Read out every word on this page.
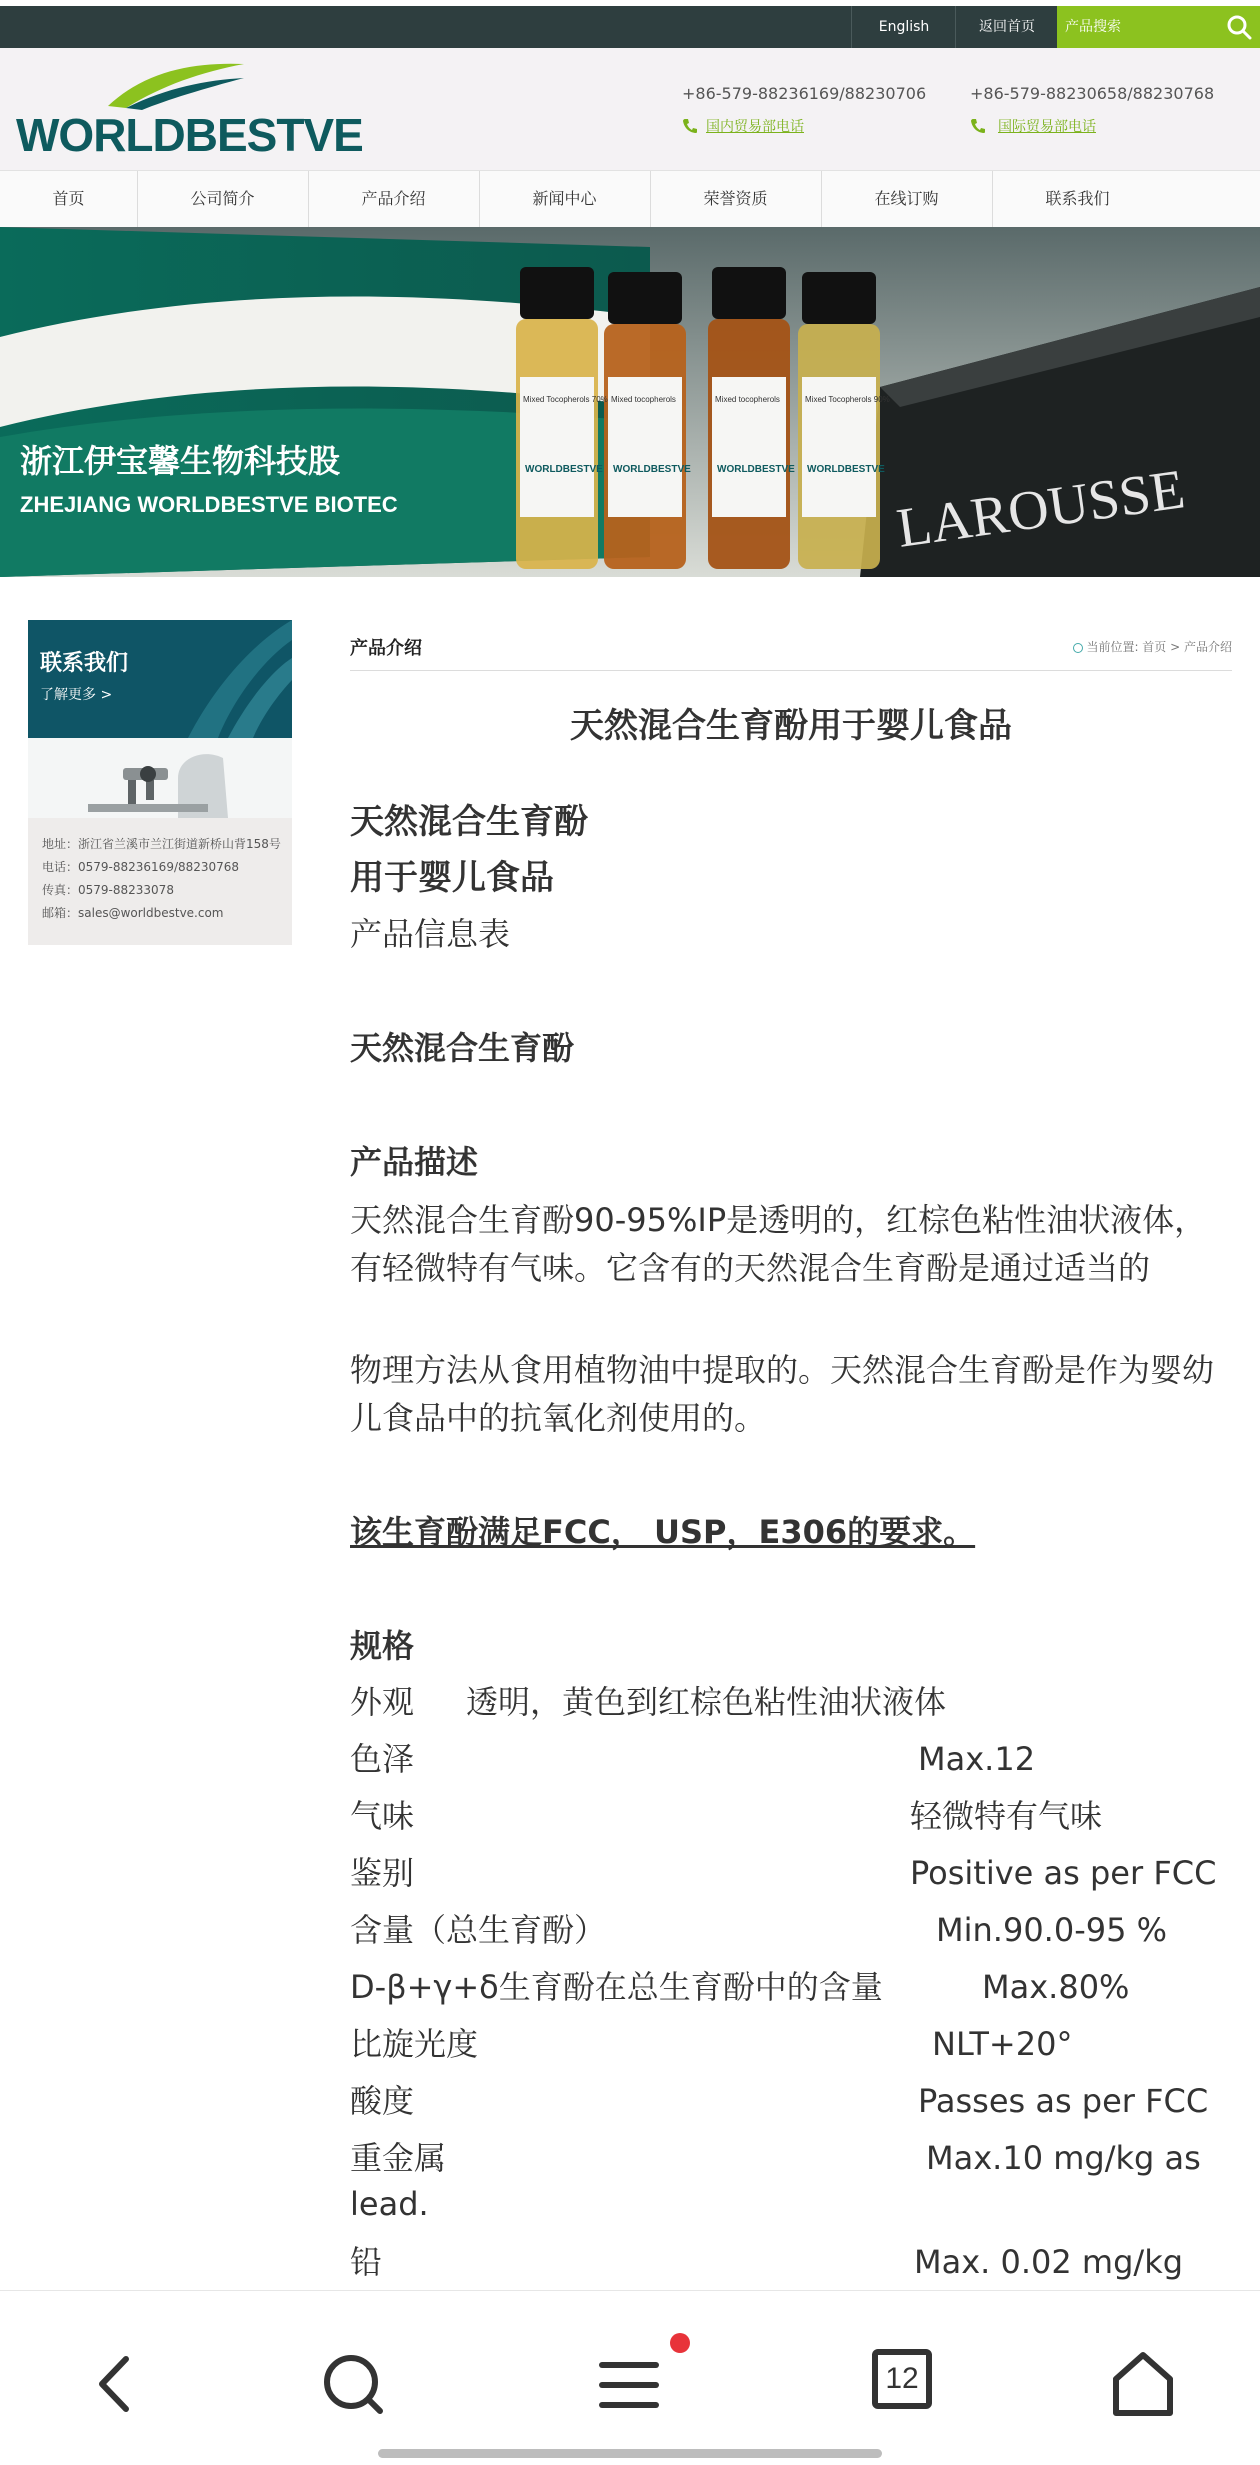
English	返回首页	产品搜索
WORLDBESTVE
+86-579-88236169/88230706
国内贸易部电话
+86-579-88230658/88230768
国际贸易部电话
首页	公司简介	产品介绍	新闻中心	荣誉资质	在线订购	联系我们
浙江伊宝馨生物科技股
ZHEJIANG WORLDBESTVE BIOTEC	LAROUSSE
Mixed Tocopherols 70% Mixed tocopherols	Mixed tocopherols	Mixed Tocopherols 90%
WORLDBESTVE WORLDBESTVE	WORLDBESTVE WORLDBESTVE
联系我们
了解更多 >
地址：浙江省兰溪市兰江街道新桥山背158号
电话：0579-88236169/88230768
传真：0579-88233078
邮箱：sales@worldbestve.com
产品介绍	当前位置: 首页 > 产品介绍
天然混合生育酚用于婴儿食品
天然混合生育酚
用于婴儿食品
产品信息表
天然混合生育酚
产品描述
天然混合生育酚90-95%IP是透明的，红棕色粘性油状液体，有轻微特有气味。它含有的天然混合生育酚是通过适当的
物理方法从食用植物油中提取的。天然混合生育酚是作为婴幼儿食品中的抗氧化剂使用的。
该生育酚满足FCC， USP，E306的要求。
规格
外观 透明，黄色到红棕色粘性油状液体
色泽	Max.12
气味	轻微特有气味
鉴别	Positive as per FCC
含量（总生育酚）	Min.90.0-95 %
D-β+γ+δ生育酚在总生育酚中的含量	Max.80%
比旋光度	NLT+20°
酸度	Passes as per FCC
重金属	Max.10 mg/kg as
lead.
铅	Max. 0.02 mg/kg
12
